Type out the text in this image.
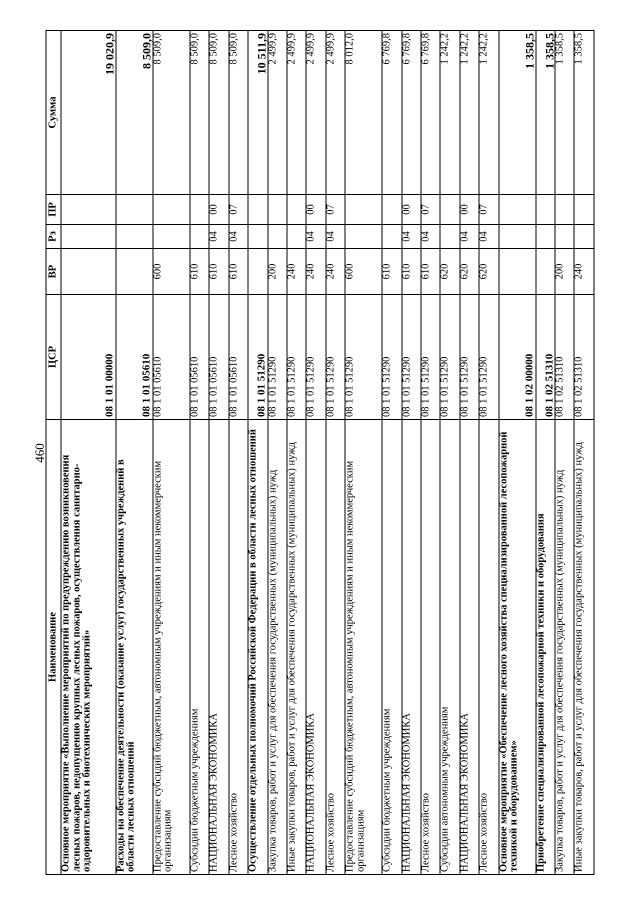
460
Наименование	ЦСР	ВР	Рз	ПР	Сумма
Основное мероприятие «Выполнение мероприятий по предупреждению возникновения лесных пожаров, недопущению крупных лесных пожаров, осуществления санитарно-оздоровительных и биотехнических мероприятий»	08 1 01 00000				19 020,9
Расходы на обеспечение деятельности (оказание услуг) государственных учреждений в области лесных отношений	08 1 01 05610				8 509,0
Предоставление субсидий бюджетным, автономным учреждениям и иным некоммерческим организациям	08 1 01 05610	600			8 509,0
Субсидии бюджетным учреждениям	08 1 01 05610	610			8 509,0
НАЦИОНАЛЬНАЯ ЭКОНОМИКА	08 1 01 05610	610	04	00	8 509,0
Лесное хозяйство	08 1 01 05610	610	04	07	8 509,0
Осуществление отдельных полномочий Российской Федерации в области лесных отношений	08 1 01 51290				10 511,9
Закупка товаров, работ и услуг для обеспечения государственных (муниципальных) нужд	08 1 01 51290	200			2 499,9
Иные закупки товаров, работ и услуг для обеспечения государственных (муниципальных) нужд	08 1 01 51290	240			2 499,9
НАЦИОНАЛЬНАЯ ЭКОНОМИКА	08 1 01 51290	240	04	00	2 499,9
Лесное хозяйство	08 1 01 51290	240	04	07	2 499,9
Предоставление субсидий бюджетным, автономным учреждениям и иным некоммерческим организациям	08 1 01 51290	600			8 012,0
Субсидии бюджетным учреждениям	08 1 01 51290	610			6 769,8
НАЦИОНАЛЬНАЯ ЭКОНОМИКА	08 1 01 51290	610	04	00	6 769,8
Лесное хозяйство	08 1 01 51290	610	04	07	6 769,8
Субсидии автономным учреждениям	08 1 01 51290	620			1 242,2
НАЦИОНАЛЬНАЯ ЭКОНОМИКА	08 1 01 51290	620	04	00	1 242,2
Лесное хозяйство	08 1 01 51290	620	04	07	1 242,2
Основное мероприятие «Обеспечение лесного хозяйства специализированной лесопожарной техникой и оборудованием»	08 1 02 00000				1 358,5
Приобретение специализированной лесопожарной техники и оборудования	08 1 02 51310				1 358,5
Закупка товаров, работ и услуг для обеспечения государственных (муниципальных) нужд	08 1 02 51310	200			1 358,5
Иные закупки товаров, работ и услуг для обеспечения государственных (муниципальных) нужд	08 1 02 51310	240			1 358,5
